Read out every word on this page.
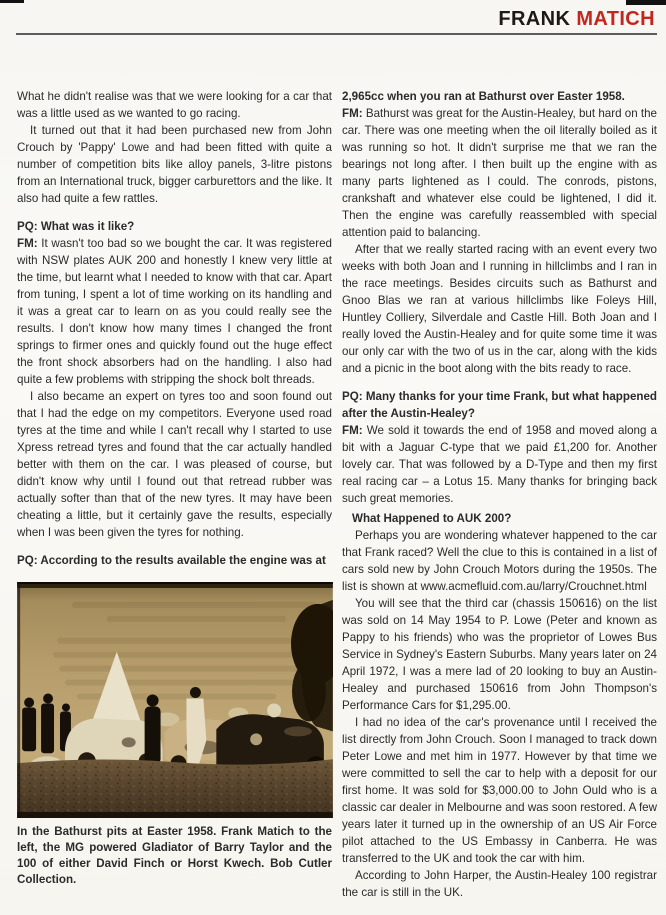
FRANK MATICH

What he didn't realise was that we were looking for a car that was a little used as we wanted to go racing.

It turned out that it had been purchased new from John Crouch by 'Pappy' Lowe and had been fitted with quite a number of competition bits like alloy panels, 3-litre pistons from an International truck, bigger carburettors and the like. It also had quite a few rattles.

PQ: What was it like?

FM: It wasn't too bad so we bought the car. It was registered with NSW plates AUK 200 and honestly I knew very little at the time, but learnt what I needed to know with that car. Apart from tuning, I spent a lot of time working on its handling and it was a great car to learn on as you could really see the results. I don't know how many times I changed the front springs to firmer ones and quickly found out the huge effect the front shock absorbers had on the handling. I also had quite a few problems with stripping the shock bolt threads.

I also became an expert on tyres too and soon found out that I had the edge on my competitors. Everyone used road tyres at the time and while I can't recall why I started to use Xpress retread tyres and found that the car actually handled better with them on the car. I was pleased of course, but didn't know why until I found out that retread rubber was actually softer than that of the new tyres. It may have been cheating a little, but it certainly gave the results, especially when I was been given the tyres for nothing.

PQ: According to the results available the engine was at

In the Bathurst pits at Easter 1958. Frank Matich to the left, the MG powered Gladiator of Barry Taylor and the 100 of either David Finch or Horst Kwech. Bob Cutler Collection.

2,965cc when you ran at Bathurst over Easter 1958.

FM: Bathurst was great for the Austin-Healey, but hard on the car. There was one meeting when the oil literally boiled as it was running so hot. It didn't surprise me that we ran the bearings not long after. I then built up the engine with as many parts lightened as I could. The conrods, pistons, crankshaft and whatever else could be lightened, I did it. Then the engine was carefully reassembled with special attention paid to balancing.

After that we really started racing with an event every two weeks with both Joan and I running in hillclimbs and I ran in the race meetings. Besides circuits such as Bathurst and Gnoo Blas we ran at various hillclimbs like Foleys Hill, Huntley Colliery, Silverdale and Castle Hill. Both Joan and I really loved the Austin-Healey and for quite some time it was our only car with the two of us in the car, along with the kids and a picnic in the boot along with the bits ready to race.

PQ: Many thanks for your time Frank, but what happened after the Austin-Healey?

FM: We sold it towards the end of 1958 and moved along a bit with a Jaguar C-type that we paid £1,200 for. Another lovely car. That was followed by a D-Type and then my first real racing car – a Lotus 15. Many thanks for bringing back such great memories.

What Happened to AUK 200?

Perhaps you are wondering whatever happened to the car that Frank raced? Well the clue to this is contained in a list of cars sold new by John Crouch Motors during the 1950s. The list is shown at www.acmefluid.com.au/larry/Crouchnet.html

You will see that the third car (chassis 150616) on the list was sold on 14 May 1954 to P. Lowe (Peter and known as Pappy to his friends) who was the proprietor of Lowes Bus Service in Sydney's Eastern Suburbs. Many years later on 24 April 1972, I was a mere lad of 20 looking to buy an Austin-Healey and purchased 150616 from John Thompson's Performance Cars for $1,295.00.

I had no idea of the car's provenance until I received the list directly from John Crouch. Soon I managed to track down Peter Lowe and met him in 1977. However by that time we were committed to sell the car to help with a deposit for our first home. It was sold for $3,000.00 to John Ould who is a classic car dealer in Melbourne and was soon restored. A few years later it turned up in the ownership of an US Air Force pilot attached to the US Embassy in Canberra. He was transferred to the UK and took the car with him.

According to John Harper, the Austin-Healey 100 registrar the car is still in the UK.
